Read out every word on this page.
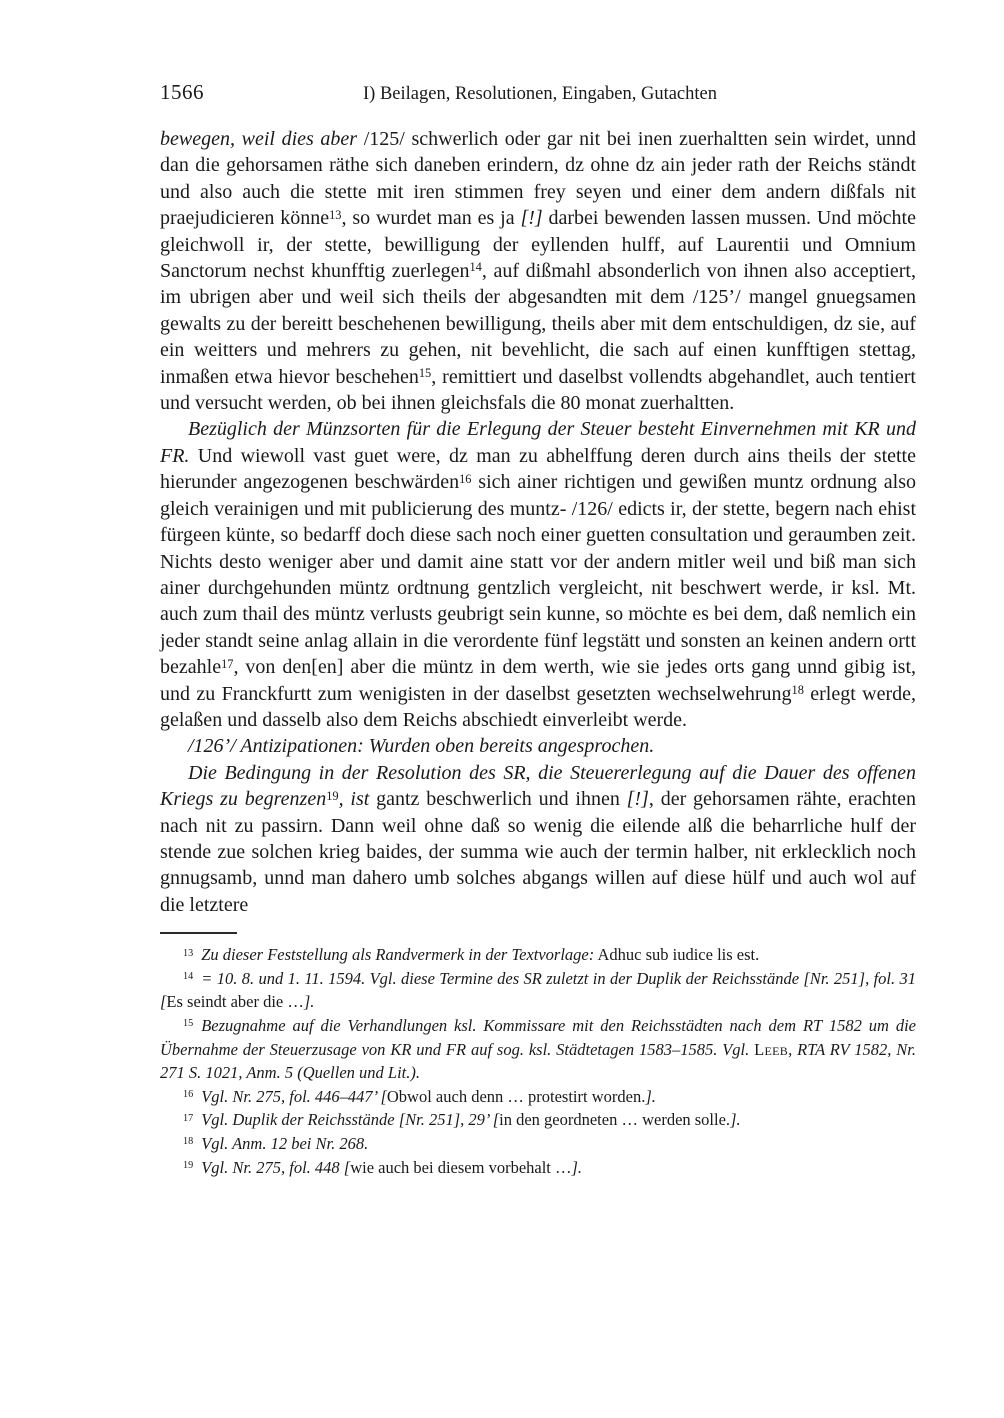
1566	I) Beilagen, Resolutionen, Eingaben, Gutachten

bewegen, weil dies aber /125/ schwerlich oder gar nit bei inen zuerhaltten sein wirdet, unnd dan die gehorsamen räthe sich daneben erindern, dz ohne dz ain jeder rath der Reichs ständt und also auch die stette mit iren stimmen frey seyen und einer dem andern dißfals nit praejudicieren könne$^{13}$, so wurdet man es ja [!] darbei bewenden lassen mussen. Und möchte gleichwoll ir, der stette, bewilligung der eyllenden hulff, auf Laurentii und Omnium Sanctorum nechst khunfftig zuerlegen$^{14}$, auf dißmahl absonderlich von ihnen also acceptiert, im ubrigen aber und weil sich theils der abgesandten mit dem /125’/ mangel gnuegsamen gewalts zu der bereitt beschehenen bewilligung, theils aber mit dem entschuldigen, dz sie, auf ein weitters und mehrers zu gehen, nit bevehlicht, die sach auf einen kunfftigen stettag, inmaßen etwa hievor beschehen$^{15}$, remittiert und daselbst vollendts abgehandlet, auch tentiert und versucht werden, ob bei ihnen gleichsfals die 80 monat zuerhaltten.

Bezüglich der Münzsorten für die Erlegung der Steuer besteht Einvernehmen mit KR und FR. Und wiewoll vast guet were, dz man zu abhelffung deren durch ains theils der stette hierunder angezogenen beschwärden$^{16}$ sich ainer richtigen und gewißen muntz ordnung also gleich verainigen und mit publicierung des muntz- /126/ edicts ir, der stette, begern nach ehist fürgeen künte, so bedarff doch diese sach noch einer guetten consultation und geraumben zeit. Nichts desto weniger aber und damit aine statt vor der andern mitler weil und biß man sich ainer durchgehunden müntz ordtnung gentzlich vergleicht, nit beschwert werde, ir ksl. Mt. auch zum thail des müntz verlusts geubrigt sein kunne, so möchte es bei dem, daß nemlich ein jeder standt seine anlag allain in die verordente fünf legstätt und sonsten an keinen andern ortt bezahle$^{17}$, von den[en] aber die müntz in dem werth, wie sie jedes orts gang unnd gibig ist, und zu Franckfurtt zum wenigisten in der daselbst gesetzten wechselwehrung$^{18}$ erlegt werde, gelaßen und dasselb also dem Reichs abschiedt einverleibt werde.

/126’/ Antizipationen: Wurden oben bereits angesprochen.

Die Bedingung in der Resolution des SR, die Steuererlegung auf die Dauer des offenen Kriegs zu begrenzen$^{19}$, ist gantz beschwerlich und ihnen [!], der gehorsamen rähte, erachten nach nit zu passirn. Dann weil ohne daß so wenig die eilende alß die beharrliche hulf der stende zue solchen krieg baides, der summa wie auch der termin halber, nit erklecklich noch gnnugsamb, unnd man dahero umb solches abgangs willen auf diese hülf und auch wol auf die letztere

$^{13}$ Zu dieser Feststellung als Randvermerk in der Textvorlage: Adhuc sub iudice lis est.

$^{14}$ = 10. 8. und 1. 11. 1594. Vgl. diese Termine des SR zuletzt in der Duplik der Reichsstände [Nr. 251], fol. 31 [Es seindt aber die …].

$^{15}$ Bezugnahme auf die Verhandlungen ksl. Kommissare mit den Reichsstädten nach dem RT 1582 um die Übernahme der Steuerzusage von KR und FR auf sog. ksl. Städtetagen 1583–1585. Vgl. Leeb, RTA RV 1582, Nr. 271 S. 1021, Anm. 5 (Quellen und Lit.).

$^{16}$ Vgl. Nr. 275, fol. 446–447’ [Obwol auch denn … protestirt worden.].

$^{17}$ Vgl. Duplik der Reichsstände [Nr. 251], 29’ [in den geordneten … werden solle.].

$^{18}$ Vgl. Anm. 12 bei Nr. 268.

$^{19}$ Vgl. Nr. 275, fol. 448 [wie auch bei diesem vorbehalt …].
